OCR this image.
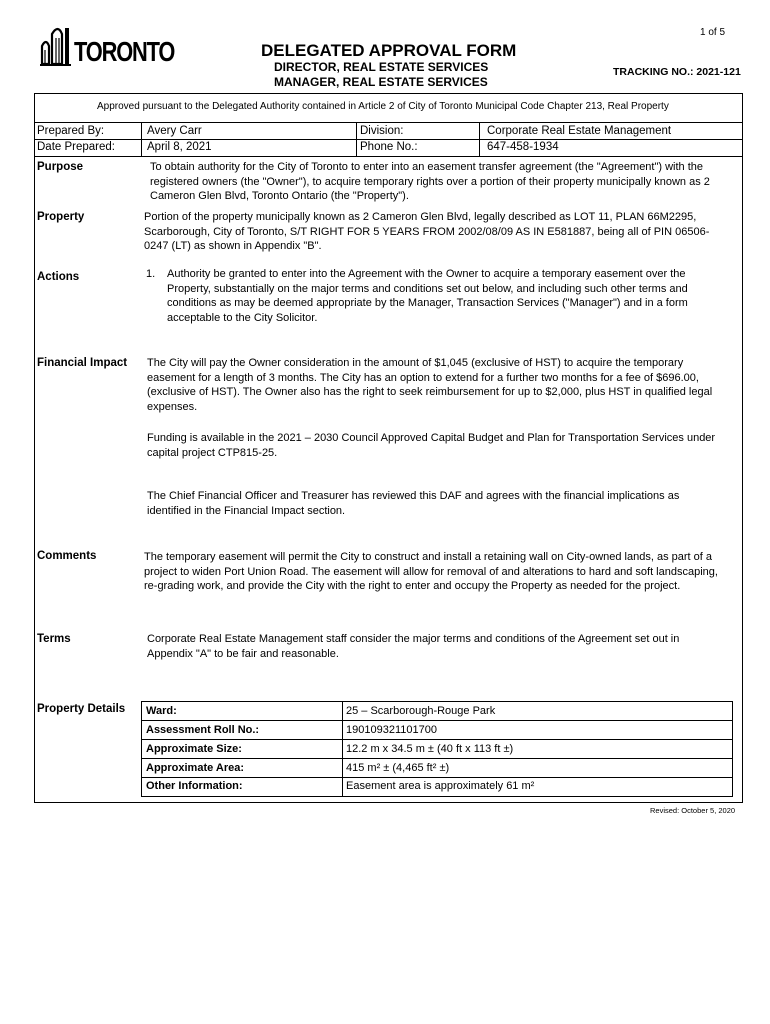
1 of 5
TORONTO	DELEGATED APPROVAL FORM
DIRECTOR, REAL ESTATE SERVICES
MANAGER, REAL ESTATE SERVICES
TRACKING NO.: 2021-121
Approved pursuant to the Delegated Authority contained in Article 2 of City of Toronto Municipal Code Chapter 213, Real Property
Prepared By:	Avery Carr	Division:	Corporate Real Estate Management
Date Prepared:	April 8, 2021	Phone No.:	647-458-1934
Purpose	To obtain authority for the City of Toronto to enter into an easement transfer agreement (the "Agreement") with the
registered owners (the "Owner"), to acquire temporary rights over a portion of their property municipally known as 2
Cameron Glen Blvd, Toronto Ontario (the "Property").
Property	Portion of the property municipally known as 2 Cameron Glen Blvd, legally described as LOT 11, PLAN 66M2295,
Scarborough, City of Toronto, S/T RIGHT FOR 5 YEARS FROM 2002/08/09 AS IN E581887, being all of PIN 06506-
0247 (LT) as shown in Appendix "B".
Actions	1. Authority be granted to enter into the Agreement with the Owner to acquire a temporary easement over the
Property, substantially on the major terms and conditions set out below, and including such other terms and
conditions as may be deemed appropriate by the Manager, Transaction Services ("Manager") and in a form
acceptable to the City Solicitor.
Financial Impact The City will pay the Owner consideration in the amount of $1,045 (exclusive of HST) to acquire the temporary
easement for a length of 3 months. The City has an option to extend for a further two months for a fee of $696.00,
(exclusive of HST). The Owner also has the right to seek reimbursement for up to $2,000, plus HST in qualified legal
expenses.
Funding is available in the 2021 – 2030 Council Approved Capital Budget and Plan for Transportation Services under
capital project CTP815-25.
The Chief Financial Officer and Treasurer has reviewed this DAF and agrees with the financial implications as
identified in the Financial Impact section.
Comments	The temporary easement will permit the City to construct and install a retaining wall on City-owned lands, as part of a
project to widen Port Union Road. The easement will allow for removal of and alterations to hard and soft landscaping,
re-grading work, and provide the City with the right to enter and occupy the Property as needed for the project.
Terms	Corporate Real Estate Management staff consider the major terms and conditions of the Agreement set out in
Appendix "A" to be fair and reasonable.
Property Details Ward:	25 – Scarborough-Rouge Park
Assessment Roll No.:	190109321101700
Approximate Size:	12.2 m x 34.5 m ± (40 ft x 113 ft ±)
Approximate Area:	415 m² ± (4,465 ft² ±)
Other Information:	Easement area is approximately 61 m²
Revised: October 5, 2020
